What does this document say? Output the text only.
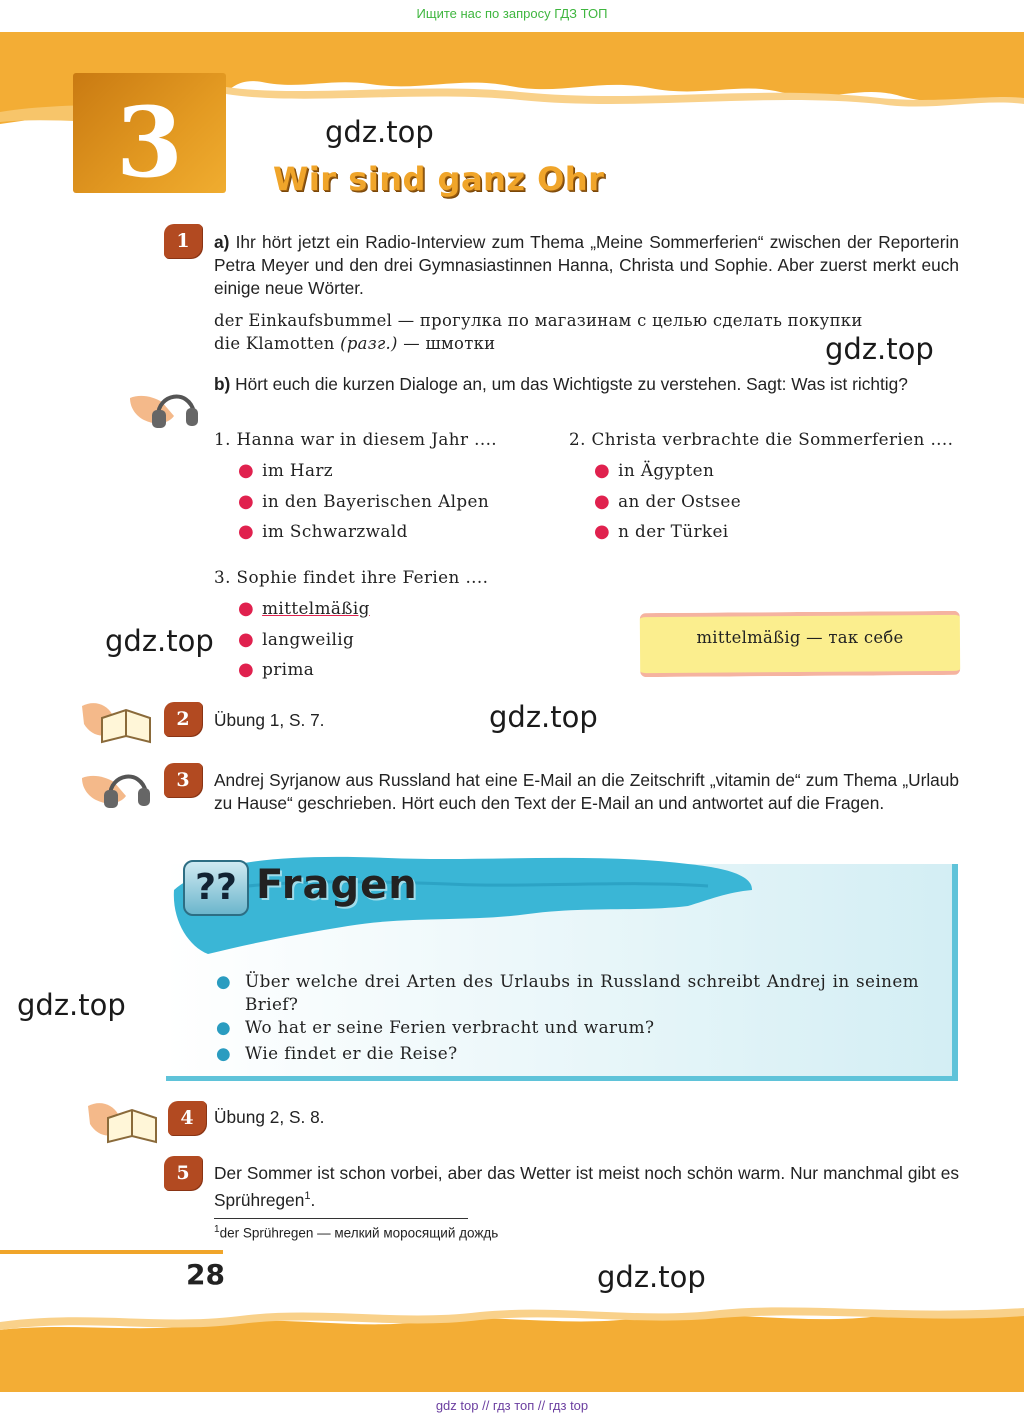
Ищите нас по запросу ГДЗ ТОП
3	gdz.top
Wir sind ganz Ohr
1	a) Ihr hört jetzt ein Radio-Interview zum Thema „Meine Sommerferien“ zwischen der Reporterin Petra Meyer und den drei Gymnasiastinnen Hanna, Christa und Sophie. Aber zuerst merkt euch einige neue Wörter.
der Einkaufsbummel — прогулка по магазинам с целью сделать покупки
die Klamotten (разг.) — шмотки	gdz.top
b) Hört euch die kurzen Dialoge an, um das Wichtigste zu verstehen. Sagt: Was ist richtig?
1. Hanna war in diesem Jahr ....
● im Harz
● in den Bayerischen Alpen
● im Schwarzwald
2. Christa verbrachte die Sommerferien ....
● in Ägypten
● an der Ostsee
● n der Türkei
3. Sophie findet ihre Ferien ....
● mittelmäßig
● langweilig
● prima
gdz.top	mittelmäßig — так себе
2	Übung 1, S. 7.	gdz.top
3	Andrej Syrjanow aus Russland hat eine E-Mail an die Zeitschrift „vitamin de“ zum Thema „Urlaub zu Hause“ geschrieben. Hört euch den Text der E-Mail an und antwortet auf die Fragen.
?? Fragen
● Über welche drei Arten des Urlaubs in Russland schreibt Andrej in seinem Brief?
● Wo hat er seine Ferien verbracht und warum?
● Wie findet er die Reise?
gdz.top
4	Übung 2, S. 8.
5	Der Sommer ist schon vorbei, aber das Wetter ist meist noch schön warm. Nur manchmal gibt es Sprühregen$^1$.
$^1$der Sprühregen — мелкий моросящий дождь
28	gdz.top
gdz top // гдз топ // гдз top
